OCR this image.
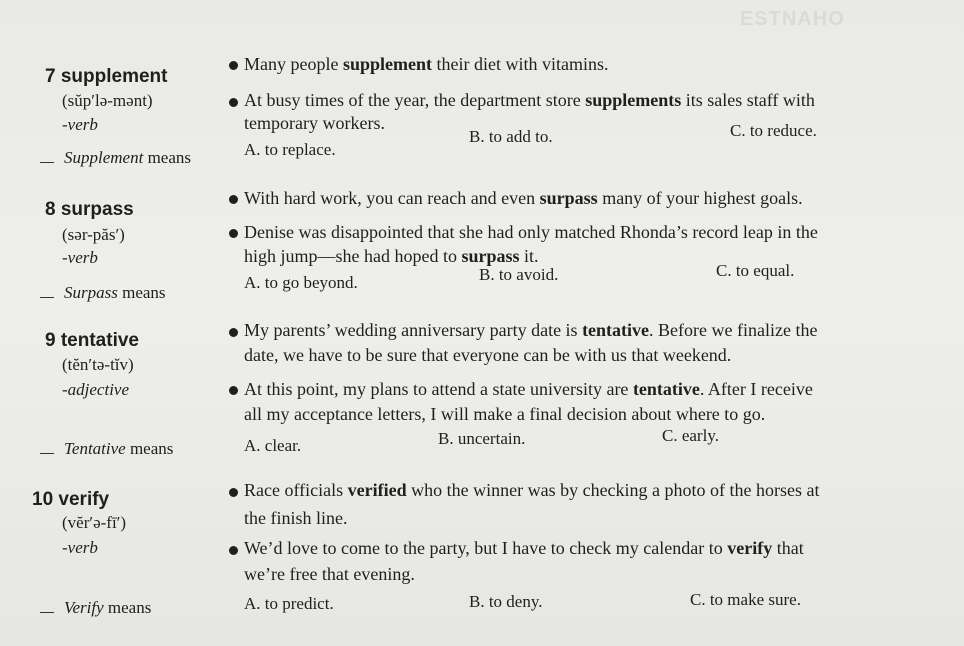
ESTNAHO
7 supplement
(sŭp′lə-mənt)
-verb
Many people supplement their diet with vitamins.
At busy times of the year, the department store supplements its sales staff with
temporary workers.
Supplement means	A. to replace.
B. to add to.	C. to reduce.
8 surpass
(sər-păs′)
-verb
With hard work, you can reach and even surpass many of your highest goals.
Denise was disappointed that she had only matched Rhonda’s record leap in the
high jump—she had hoped to surpass it.
Surpass means
A. to go beyond.	B. to avoid.	C. to equal.
9 tentative
(tĕn′tə-tĭv)
-adjective
My parents’ wedding anniversary party date is tentative. Before we finalize the
date, we have to be sure that everyone can be with us that weekend.
At this point, my plans to attend a state university are tentative. After I receive
all my acceptance letters, I will make a final decision about where to go.
Tentative means	A. clear.	B. uncertain.	C. early.
10 verify
(vĕr′ə-fī′)
-verb
Race officials verified who the winner was by checking a photo of the horses at
the finish line.
We’d love to come to the party, but I have to check my calendar to verify that
we’re free that evening.
Verify means	A. to predict.	B. to deny.	C. to make sure.
